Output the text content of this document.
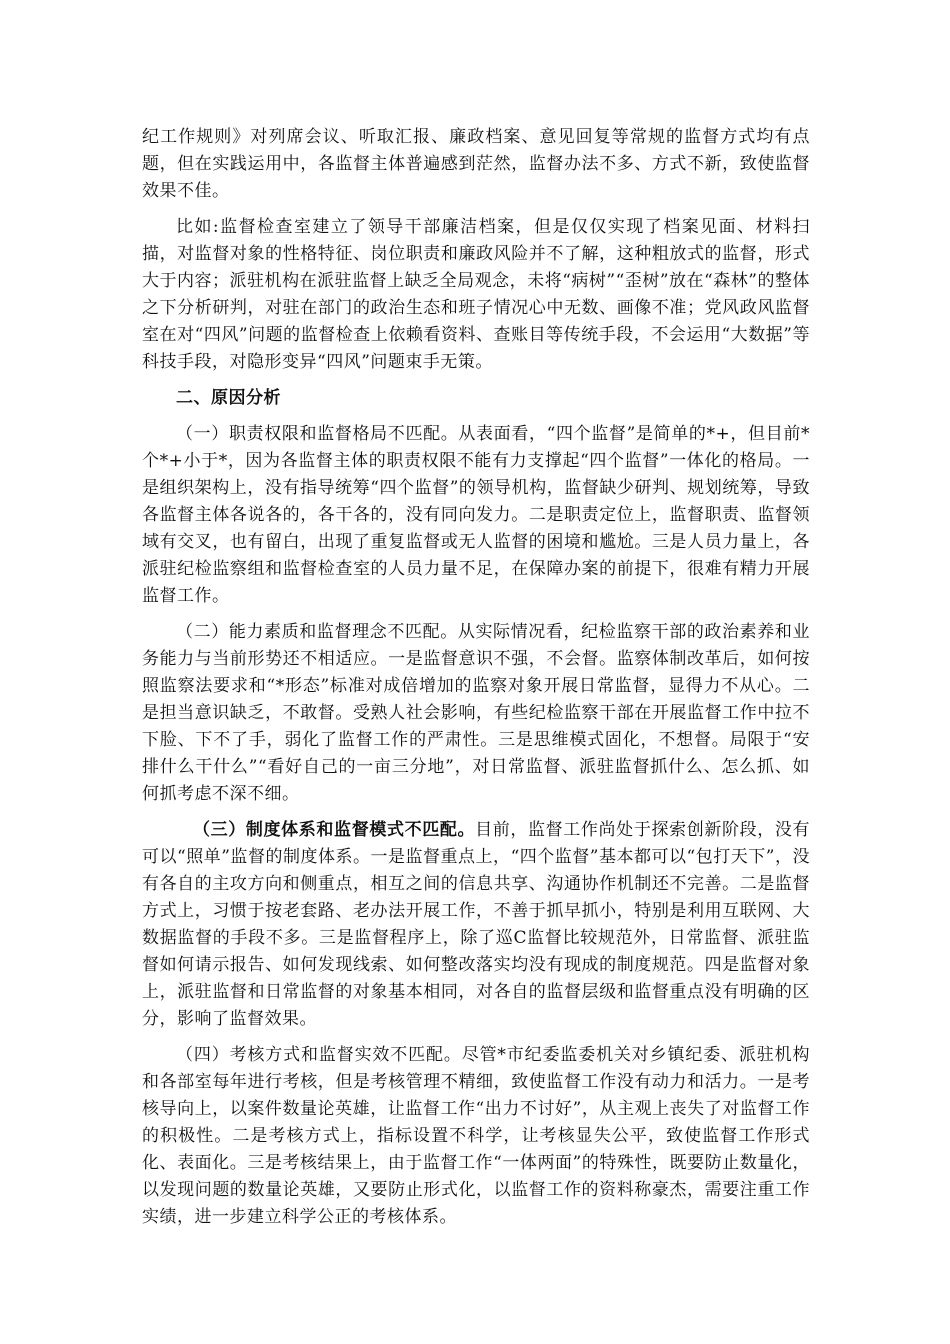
纪工作规则》对列席会议、听取汇报、廉政档案、意见回复等常规的监督方式均有点题，但在实践运用中，各监督主体普遍感到茫然，监督办法不多、方式不新，致使监督效果不佳。

比如:监督检查室建立了领导干部廉洁档案，但是仅仅实现了档案见面、材料扫描，对监督对象的性格特征、岗位职责和廉政风险并不了解，这种粗放式的监督，形式大于内容；派驻机构在派驻监督上缺乏全局观念，未将“病树”“歪树”放在“森林”的整体之下分析研判，对驻在部门的政治生态和班子情况心中无数、画像不准；党风政风监督室在对“四风”问题的监督检查上依赖看资料、查账目等传统手段，不会运用“大数据”等科技手段，对隐形变异“四风”问题束手无策。

二、原因分析

（一）职责权限和监督格局不匹配。从表面看，“四个监督”是简单的*+，但目前*个*+小于*，因为各监督主体的职责权限不能有力支撑起“四个监督”一体化的格局。一是组织架构上，没有指导统筹“四个监督”的领导机构，监督缺少研判、规划统筹，导致各监督主体各说各的，各干各的，没有同向发力。二是职责定位上，监督职责、监督领域有交叉，也有留白，出现了重复监督或无人监督的困境和尴尬。三是人员力量上，各派驻纪检监察组和监督检查室的人员力量不足，在保障办案的前提下，很难有精力开展监督工作。

（二）能力素质和监督理念不匹配。从实际情况看，纪检监察干部的政治素养和业务能力与当前形势还不相适应。一是监督意识不强，不会督。监察体制改革后，如何按照监察法要求和“*形态”标准对成倍增加的监察对象开展日常监督，显得力不从心。二是担当意识缺乏，不敢督。受熟人社会影响，有些纪检监察干部在开展监督工作中拉不下脸、下不了手，弱化了监督工作的严肃性。三是思维模式固化，不想督。局限于“安排什么干什么”“看好自己的一亩三分地”，对日常监督、派驻监督抓什么、怎么抓、如何抓考虑不深不细。

（三）制度体系和监督模式不匹配。目前，监督工作尚处于探索创新阶段，没有可以“照单”监督的制度体系。一是监督重点上，“四个监督”基本都可以“包打天下”，没有各自的主攻方向和侧重点，相互之间的信息共享、沟通协作机制还不完善。二是监督方式上，习惯于按老套路、老办法开展工作，不善于抓早抓小，特别是利用互联网、大数据监督的手段不多。三是监督程序上，除了巡C监督比较规范外，日常监督、派驻监督如何请示报告、如何发现线索、如何整改落实均没有现成的制度规范。四是监督对象上，派驻监督和日常监督的对象基本相同，对各自的监督层级和监督重点没有明确的区分，影响了监督效果。

（四）考核方式和监督实效不匹配。尽管*市纪委监委机关对乡镇纪委、派驻机构和各部室每年进行考核，但是考核管理不精细，致使监督工作没有动力和活力。一是考核导向上，以案件数量论英雄，让监督工作“出力不讨好”，从主观上丧失了对监督工作的积极性。二是考核方式上，指标设置不科学，让考核显失公平，致使监督工作形式化、表面化。三是考核结果上，由于监督工作“一体两面”的特殊性，既要防止数量化，以发现问题的数量论英雄，又要防止形式化，以监督工作的资料称豪杰，需要注重工作实绩，进一步建立科学公正的考核体系。
